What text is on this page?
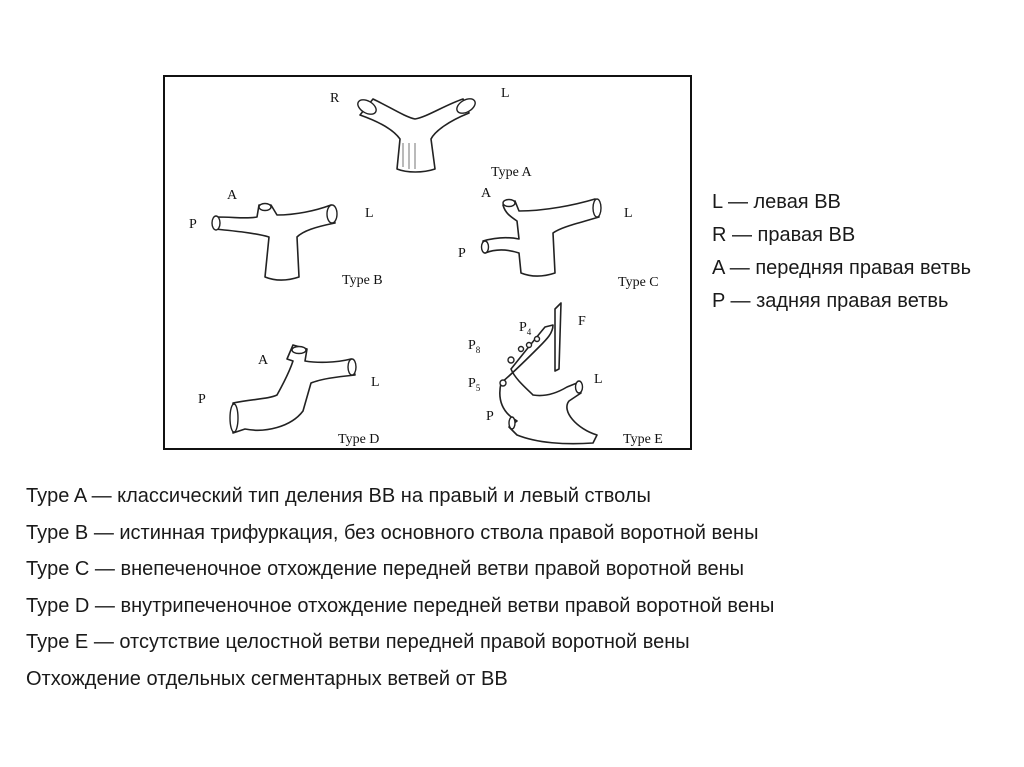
R	L
Type A
A
P
L
Type B
A
P
L
Type C
A
P
L
Type D
$P_4$
$P_8$
$P_5$
F
L
P
Type E
L — левая ВВ
R — правая ВВ
A — передняя правая ветвь
P — задняя правая ветвь
Type A — классический тип деления ВВ на правый и левый стволы
Type B — истинная трифуркация, без основного ствола правой воротной вены
Type C — внепеченочное отхождение передней ветви правой воротной вены
Type D — внутрипеченочное отхождение передней ветви правой воротной вены
Type E — отсутствие целостной ветви передней правой воротной вены
Отхождение отдельных сегментарных ветвей от ВВ
